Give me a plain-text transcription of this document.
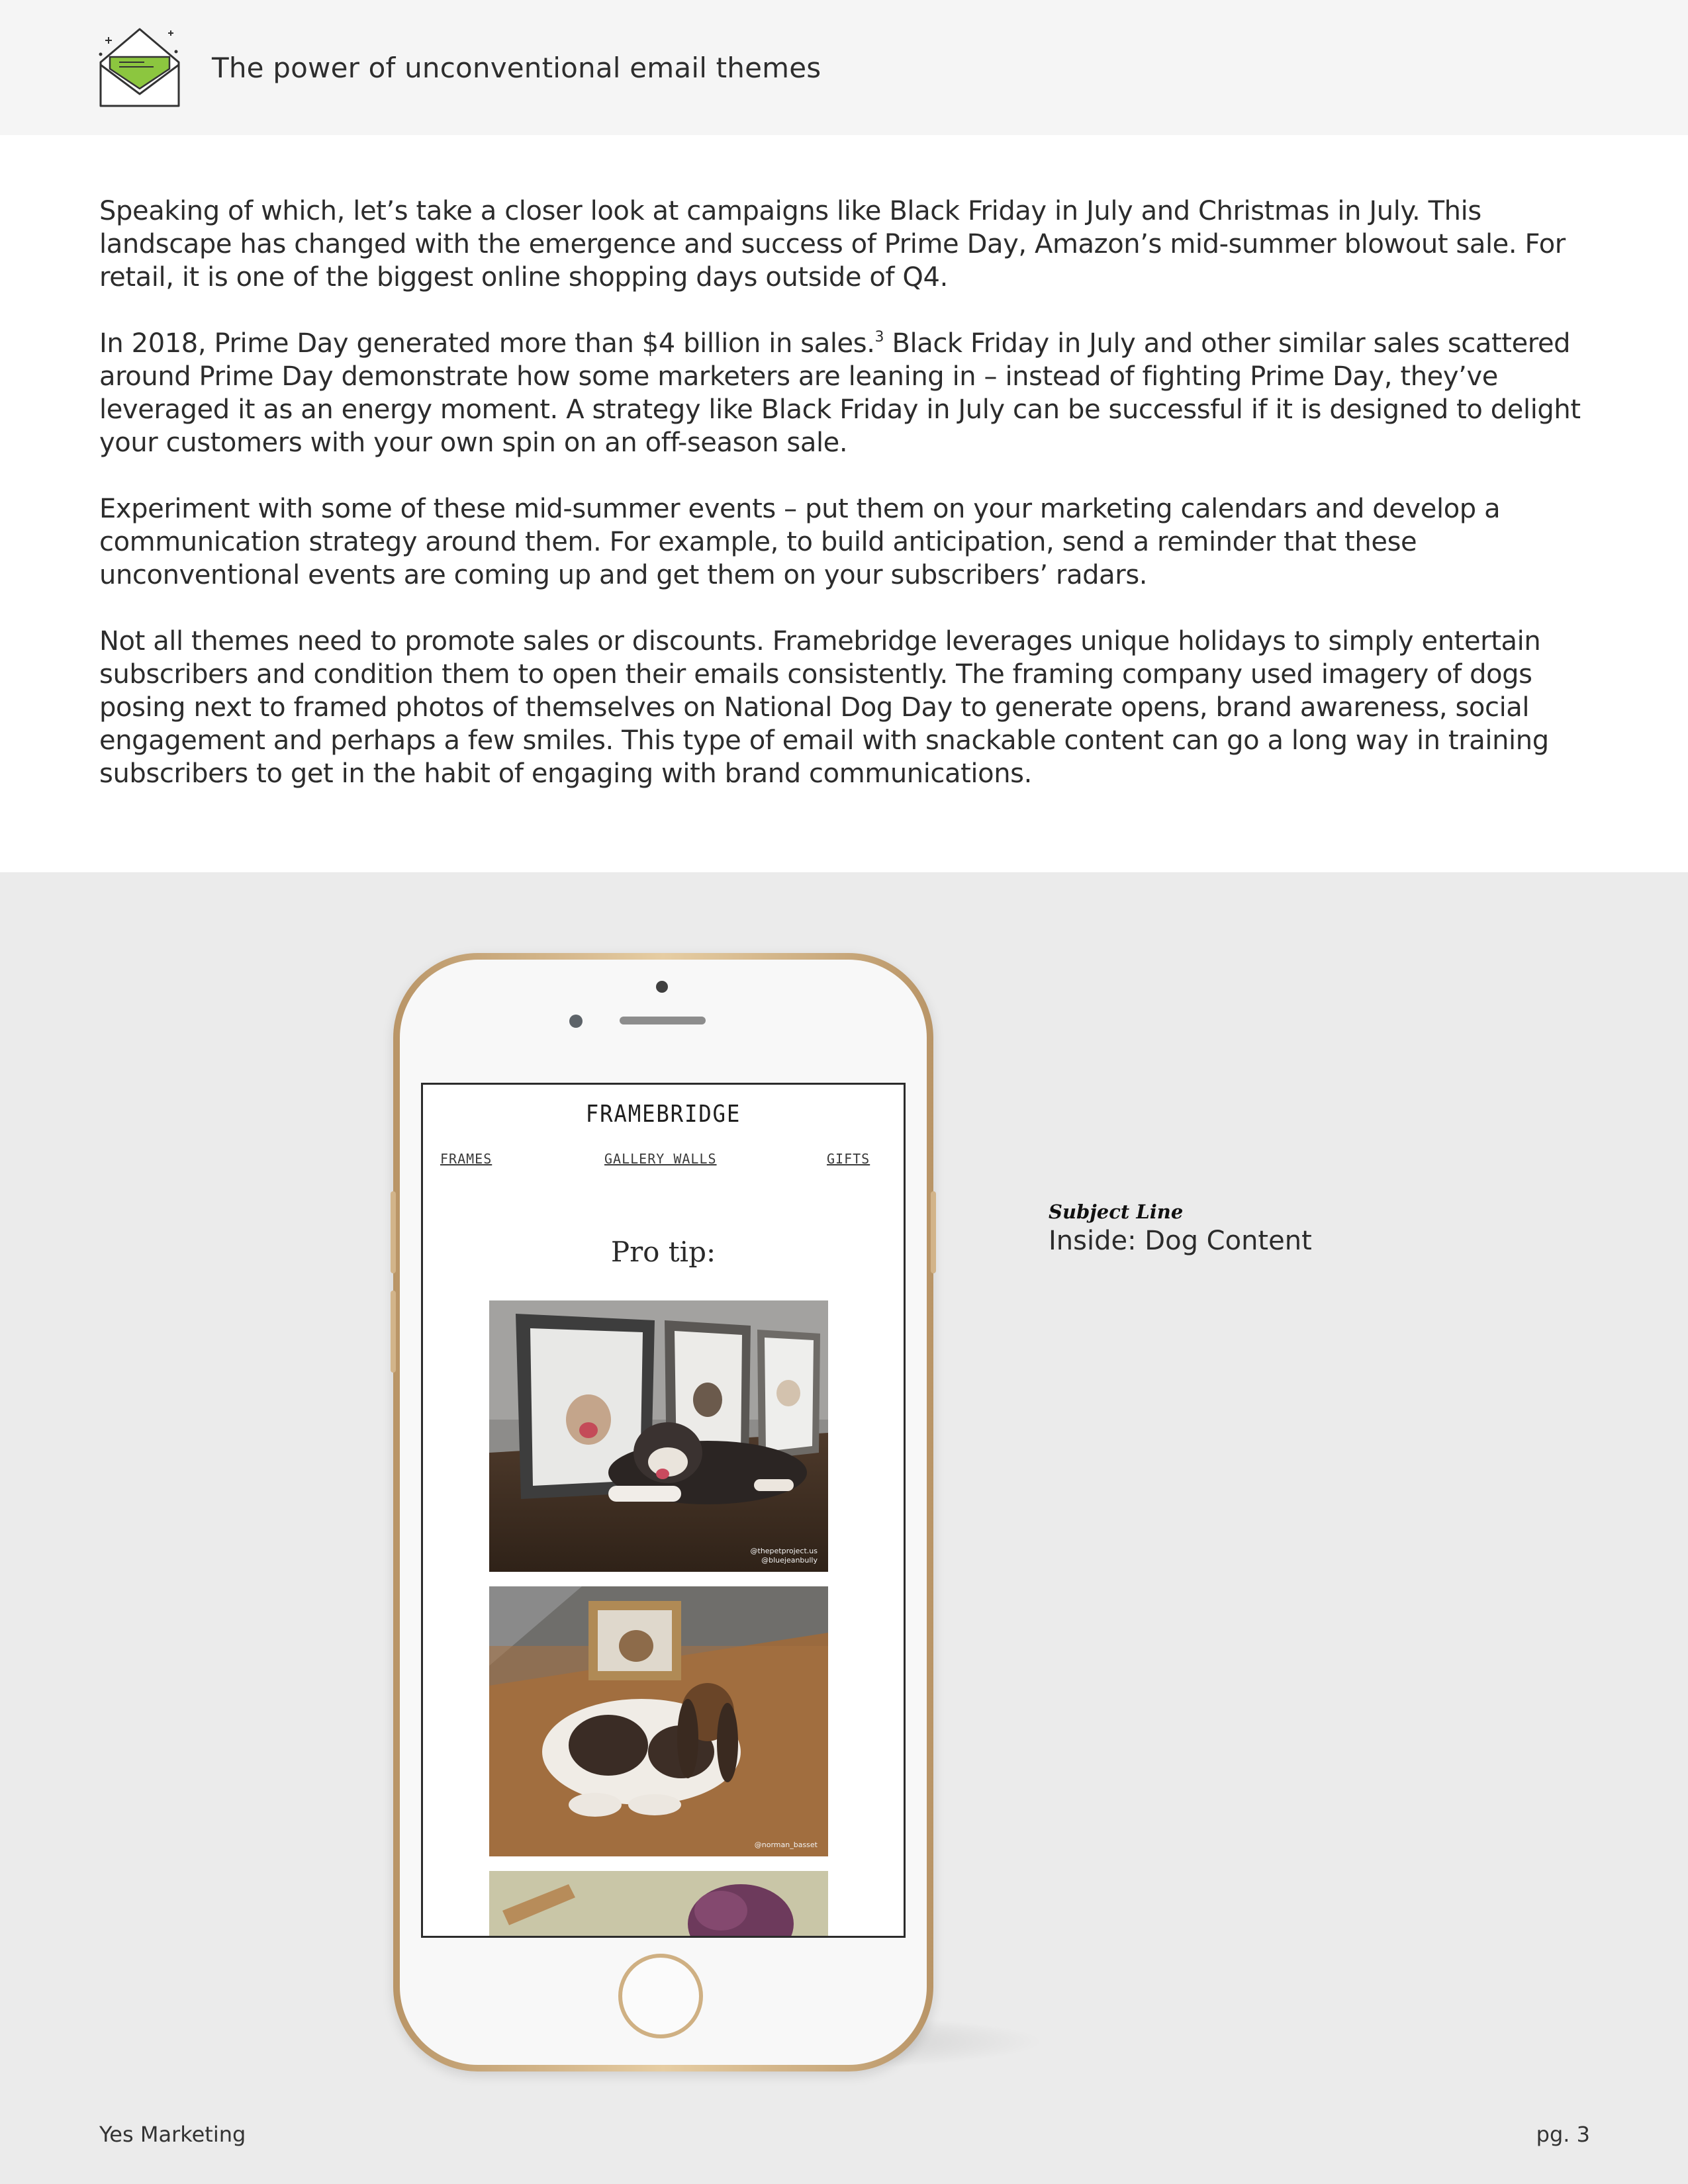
The power of unconventional email themes

Speaking of which, let’s take a closer look at campaigns like Black Friday in July and Christmas in July. This landscape has changed with the emergence and success of Prime Day, Amazon’s mid-summer blowout sale. For retail, it is one of the biggest online shopping days outside of Q4.

In 2018, Prime Day generated more than $4 billion in sales.$^3$ Black Friday in July and other similar sales scattered around Prime Day demonstrate how some marketers are leaning in – instead of fighting Prime Day, they’ve leveraged it as an energy moment. A strategy like Black Friday in July can be successful if it is designed to delight your customers with your own spin on an off-season sale.

Experiment with some of these mid-summer events – put them on your marketing calendars and develop a communication strategy around them. For example, to build anticipation, send a reminder that these unconventional events are coming up and get them on your subscribers’ radars.

Not all themes need to promote sales or discounts. Framebridge leverages unique holidays to simply entertain subscribers and condition them to open their emails consistently. The framing company used imagery of dogs posing next to framed photos of themselves on National Dog Day to generate opens, brand awareness, social engagement and perhaps a few smiles. This type of email with snackable content can go a long way in training subscribers to get in the habit of engaging with brand communications.

FRAMEBRIDGE
FRAMES	GALLERY WALLS	GIFTS
Pro tip:
@thepetproject.us
@bluejeanbully
@norman_basset
Subject Line
Inside: Dog Content
Yes Marketing	pg. 3
